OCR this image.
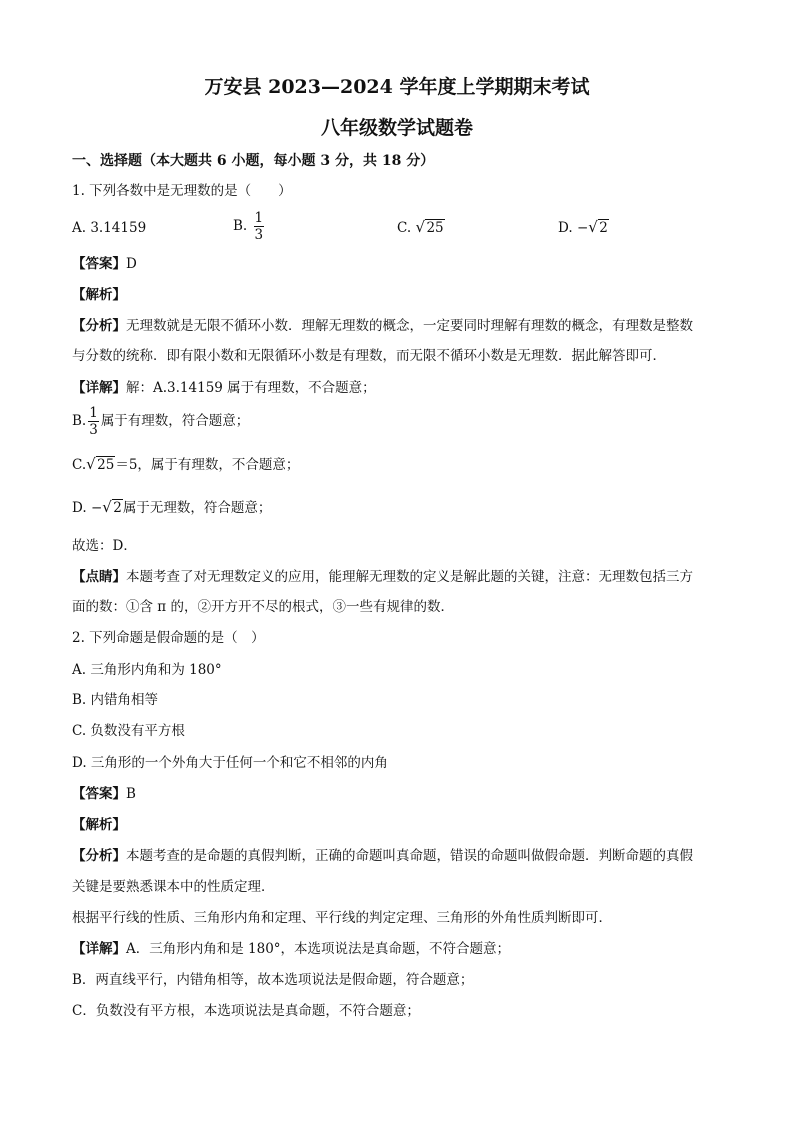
万安县 2023—2024 学年度上学期期末考试
八年级数学试题卷
一、选择题（本大题共 6 小题，每小题 3 分，共 18 分）
1. 下列各数中是无理数的是（　　）
A. 3.14159	B. $\frac{1}{3}$	C. √ 25	D. − √ 2
【答案】D
【解析】
【分析】无理数就是无限不循环小数．理解无理数的概念，一定要同时理解有理数的概念，有理数是整数
与分数的统称．即有限小数和无限循环小数是有理数，而无限不循环小数是无理数．据此解答即可．
【详解】解：A.3.14159 属于有理数，不合题意；
B. $\frac{1}{3}$ 属于有理数，符合题意；
C. √ 25＝5，属于有理数，不合题意；
D. − √ 2属于无理数，符合题意；
故选：D．
【点睛】本题考查了对无理数定义的应用，能理解无理数的定义是解此题的关键，注意：无理数包括三方
面的数：①含 π 的，②开方开不尽的根式，③一些有规律的数．
2. 下列命题是假命题的是（　）
A. 三角形内角和为 180°
B. 内错角相等
C. 负数没有平方根
D. 三角形的一个外角大于任何一个和它不相邻的内角
【答案】B
【解析】
【分析】本题考查的是命题的真假判断，正确的命题叫真命题，错误的命题叫做假命题．判断命题的真假
关键是要熟悉课本中的性质定理．
根据平行线的性质、三角形内角和定理、平行线的判定定理、三角形的外角性质判断即可．
【详解】A．三角形内角和是 180°，本选项说法是真命题，不符合题意；
B．两直线平行，内错角相等，故本选项说法是假命题，符合题意；
C．负数没有平方根，本选项说法是真命题，不符合题意；
